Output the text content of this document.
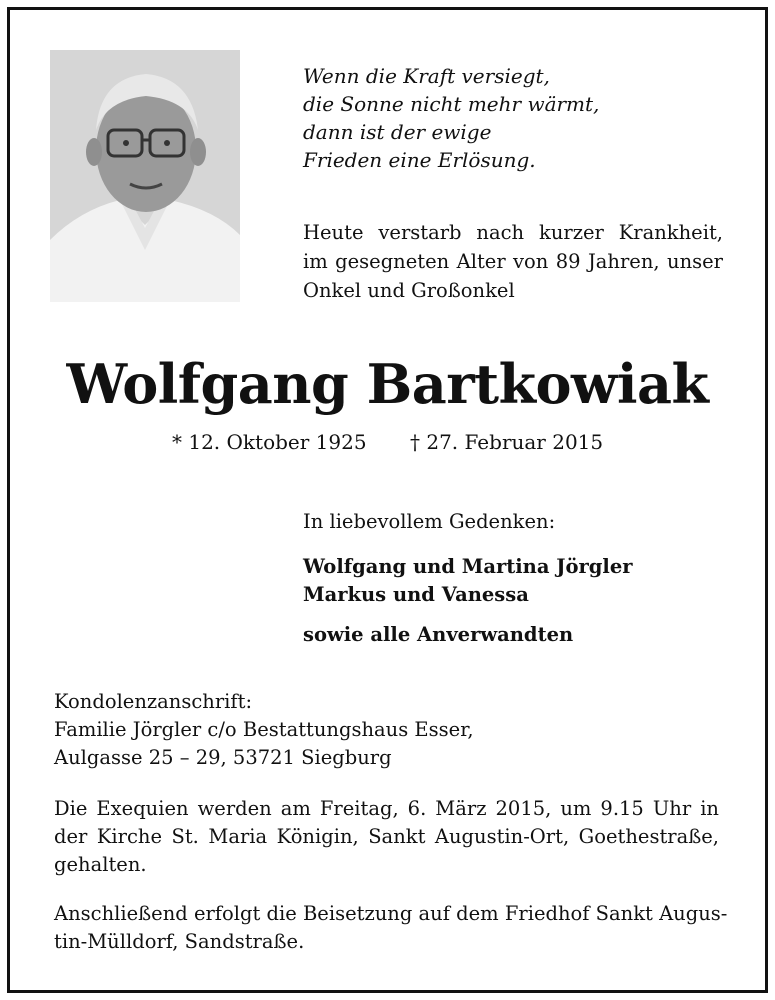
Wenn die Kraft versiegt,
die Sonne nicht mehr wärmt,
dann ist der ewige
Frieden eine Erlösung.
Heute verstarb nach kurzer Krankheit,
im gesegneten Alter von 89 Jahren, unser
Onkel und Großonkel
Wolfgang Bartkowiak
* 12. Oktober 1925 † 27. Februar 2015
In liebevollem Gedenken:
Wolfgang und Martina Jörgler
Markus und Vanessa
sowie alle Anverwandten
Kondolenzanschrift:
Familie Jörgler c/o Bestattungshaus Esser,
Aulgasse 25 – 29, 53721 Siegburg
Die Exequien werden am Freitag, 6. März 2015, um 9.15 Uhr in
der Kirche St. Maria Königin, Sankt Augustin-Ort, Goethestraße,
gehalten.
Anschließend erfolgt die Beisetzung auf dem Friedhof Sankt Augus-
tin-Mülldorf, Sandstraße.
